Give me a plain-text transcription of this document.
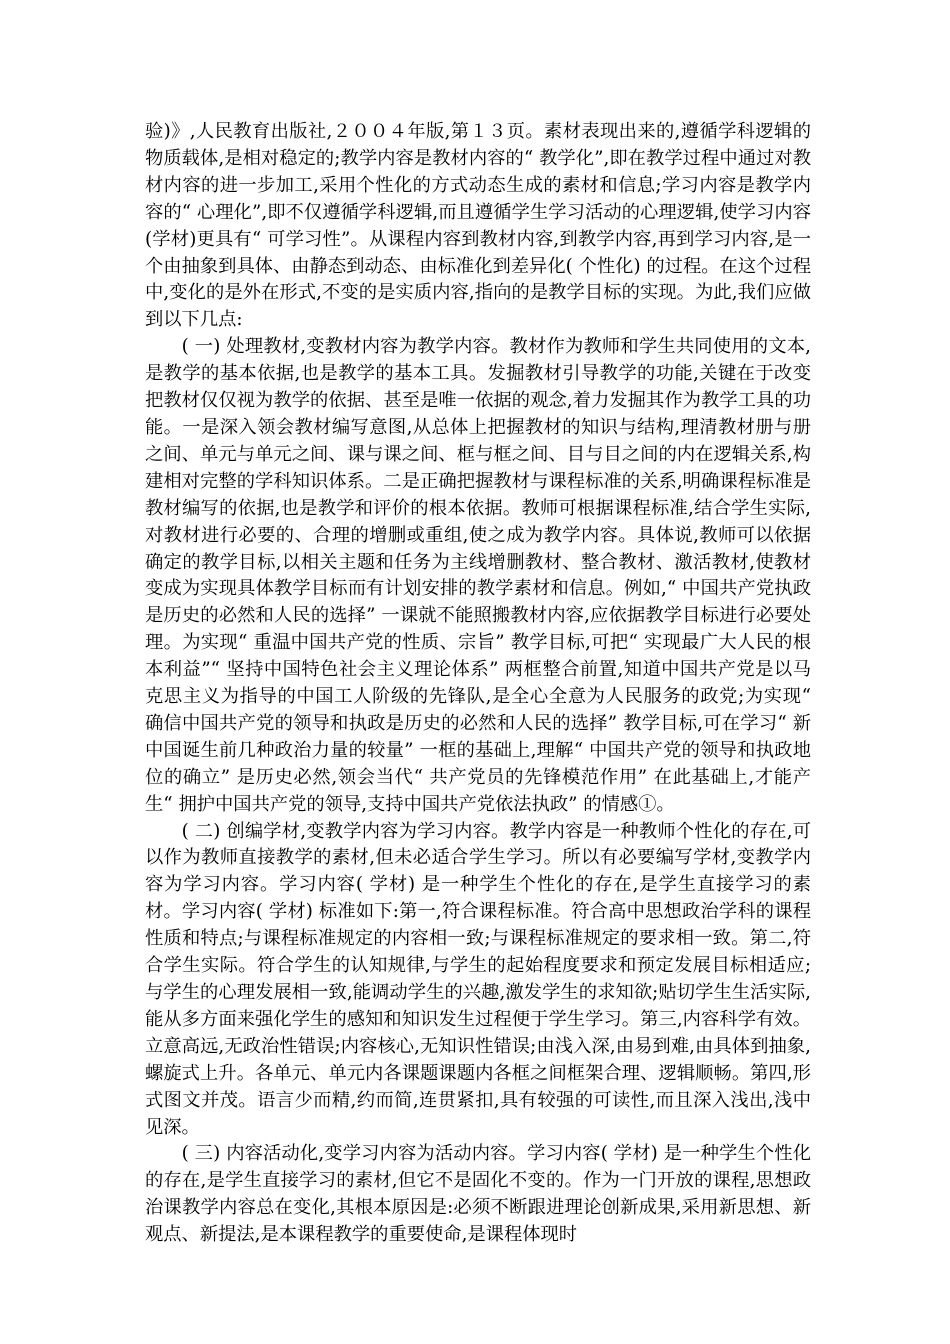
验)》,人民教育出版社,２００４年版,第１３页。素材表现出来的,遵循学科逻辑的物质载体,是相对稳定的;教学内容是教材内容的“ 教学化”,即在教学过程中通过对教材内容的进一步加工,采用个性化的方式动态生成的素材和信息;学习内容是教学内容的“ 心理化”,即不仅遵循学科逻辑,而且遵循学生学习活动的心理逻辑,使学习内容(学材)更具有“ 可学习性”。从课程内容到教材内容,到教学内容,再到学习内容,是一个由抽象到具体、由静态到动态、由标准化到差异化( 个性化) 的过程。在这个过程中,变化的是外在形式,不变的是实质内容,指向的是教学目标的实现。为此,我们应做到以下几点:

( 一) 处理教材,变教材内容为教学内容。教材作为教师和学生共同使用的文本,是教学的基本依据,也是教学的基本工具。发掘教材引导教学的功能,关键在于改变把教材仅仅视为教学的依据、甚至是唯一依据的观念,着力发掘其作为教学工具的功能。一是深入领会教材编写意图,从总体上把握教材的知识与结构,理清教材册与册之间、单元与单元之间、课与课之间、框与框之间、目与目之间的内在逻辑关系,构建相对完整的学科知识体系。二是正确把握教材与课程标准的关系,明确课程标准是教材编写的依据,也是教学和评价的根本依据。教师可根据课程标准,结合学生实际,对教材进行必要的、合理的增删或重组,使之成为教学内容。具体说,教师可以依据确定的教学目标,以相关主题和任务为主线增删教材、整合教材、激活教材,使教材变成为实现具体教学目标而有计划安排的教学素材和信息。例如,“ 中国共产党执政是历史的必然和人民的选择” 一课就不能照搬教材内容,应依据教学目标进行必要处理。为实现“ 重温中国共产党的性质、宗旨” 教学目标,可把“ 实现最广大人民的根本利益”“ 坚持中国特色社会主义理论体系” 两框整合前置,知道中国共产党是以马克思主义为指导的中国工人阶级的先锋队,是全心全意为人民服务的政党;为实现“ 确信中国共产党的领导和执政是历史的必然和人民的选择” 教学目标,可在学习“ 新中国诞生前几种政治力量的较量” 一框的基础上,理解“ 中国共产党的领导和执政地位的确立” 是历史必然,领会当代“ 共产党员的先锋模范作用” 在此基础上,才能产生“ 拥护中国共产党的领导,支持中国共产党依法执政” 的情感①。

( 二) 创编学材,变教学内容为学习内容。教学内容是一种教师个性化的存在,可以作为教师直接教学的素材,但未必适合学生学习。所以有必要编写学材,变教学内容为学习内容。学习内容( 学材) 是一种学生个性化的存在,是学生直接学习的素材。学习内容( 学材) 标准如下:第一,符合课程标准。符合高中思想政治学科的课程性质和特点;与课程标准规定的内容相一致;与课程标准规定的要求相一致。第二,符合学生实际。符合学生的认知规律,与学生的起始程度要求和预定发展目标相适应;与学生的心理发展相一致,能调动学生的兴趣,激发学生的求知欲;贴切学生生活实际,能从多方面来强化学生的感知和知识发生过程便于学生学习。第三,内容科学有效。立意高远,无政治性错误;内容核心,无知识性错误;由浅入深,由易到难,由具体到抽象,螺旋式上升。各单元、单元内各课题课题内各框之间框架合理、逻辑顺畅。第四,形式图文并茂。语言少而精,约而简,连贯紧扣,具有较强的可读性,而且深入浅出,浅中见深。

( 三) 内容活动化,变学习内容为活动内容。学习内容( 学材) 是一种学生个性化的存在,是学生直接学习的素材,但它不是固化不变的。作为一门开放的课程,思想政治课教学内容总在变化,其根本原因是:必须不断跟进理论创新成果,采用新思想、新观点、新提法,是本课程教学的重要使命,是课程体现时
